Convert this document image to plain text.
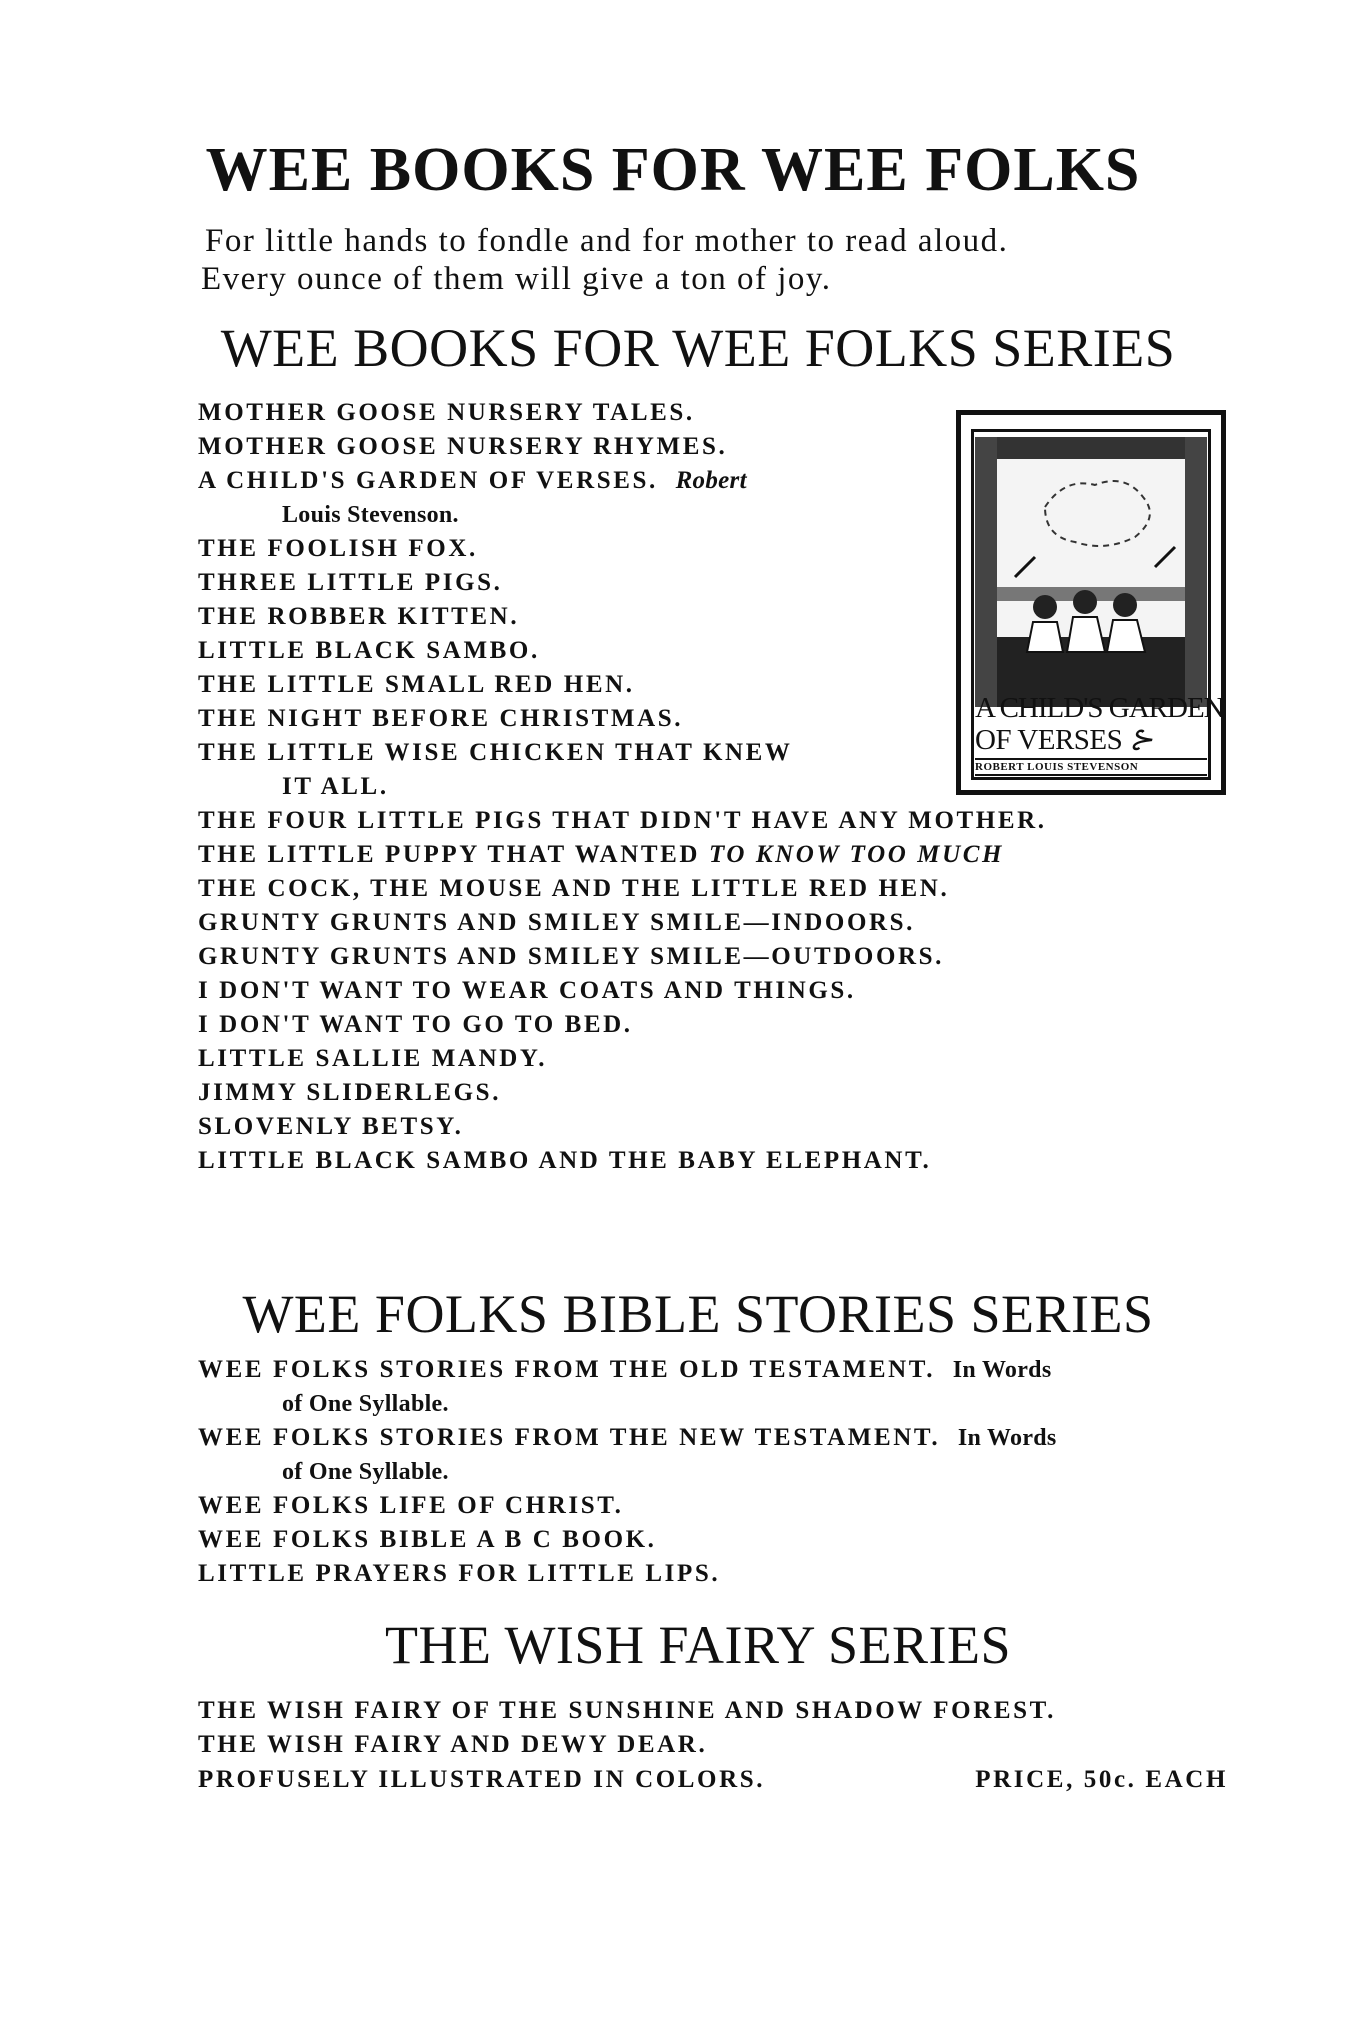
WEE BOOKS FOR WEE FOLKS
For little hands to fondle and for mother to read aloud.
Every ounce of them will give a ton of joy.
WEE BOOKS FOR WEE FOLKS SERIES
MOTHER GOOSE NURSERY TALES.
MOTHER GOOSE NURSERY RHYMES.
A CHILD'S GARDEN OF VERSES. Robert
Louis Stevenson.
THE FOOLISH FOX.
THREE LITTLE PIGS.
THE ROBBER KITTEN.
LITTLE BLACK SAMBO.
THE LITTLE SMALL RED HEN.
THE NIGHT BEFORE CHRISTMAS.
THE LITTLE WISE CHICKEN THAT KNEW
IT ALL.
THE FOUR LITTLE PIGS THAT DIDN'T HAVE ANY MOTHER.
THE LITTLE PUPPY THAT WANTED TO KNOW TOO MUCH
THE COCK, THE MOUSE AND THE LITTLE RED HEN.
GRUNTY GRUNTS AND SMILEY SMILE—INDOORS.
GRUNTY GRUNTS AND SMILEY SMILE—OUTDOORS.
I DON'T WANT TO WEAR COATS AND THINGS.
I DON'T WANT TO GO TO BED.
LITTLE SALLIE MANDY.
JIMMY SLIDERLEGS.
SLOVENLY BETSY.
LITTLE BLACK SAMBO AND THE BABY ELEPHANT.
A CHILD'S GARDEN
OF VERSES ⊱
ROBERT LOUIS STEVENSON
WEE FOLKS BIBLE STORIES SERIES
WEE FOLKS STORIES FROM THE OLD TESTAMENT. In Words
of One Syllable.
WEE FOLKS STORIES FROM THE NEW TESTAMENT. In Words
of One Syllable.
WEE FOLKS LIFE OF CHRIST.
WEE FOLKS BIBLE A B C BOOK.
LITTLE PRAYERS FOR LITTLE LIPS.
THE WISH FAIRY SERIES
THE WISH FAIRY OF THE SUNSHINE AND SHADOW FOREST.
THE WISH FAIRY AND DEWY DEAR.
PROFUSELY ILLUSTRATED IN COLORS.	PRICE, 50c. EACH
